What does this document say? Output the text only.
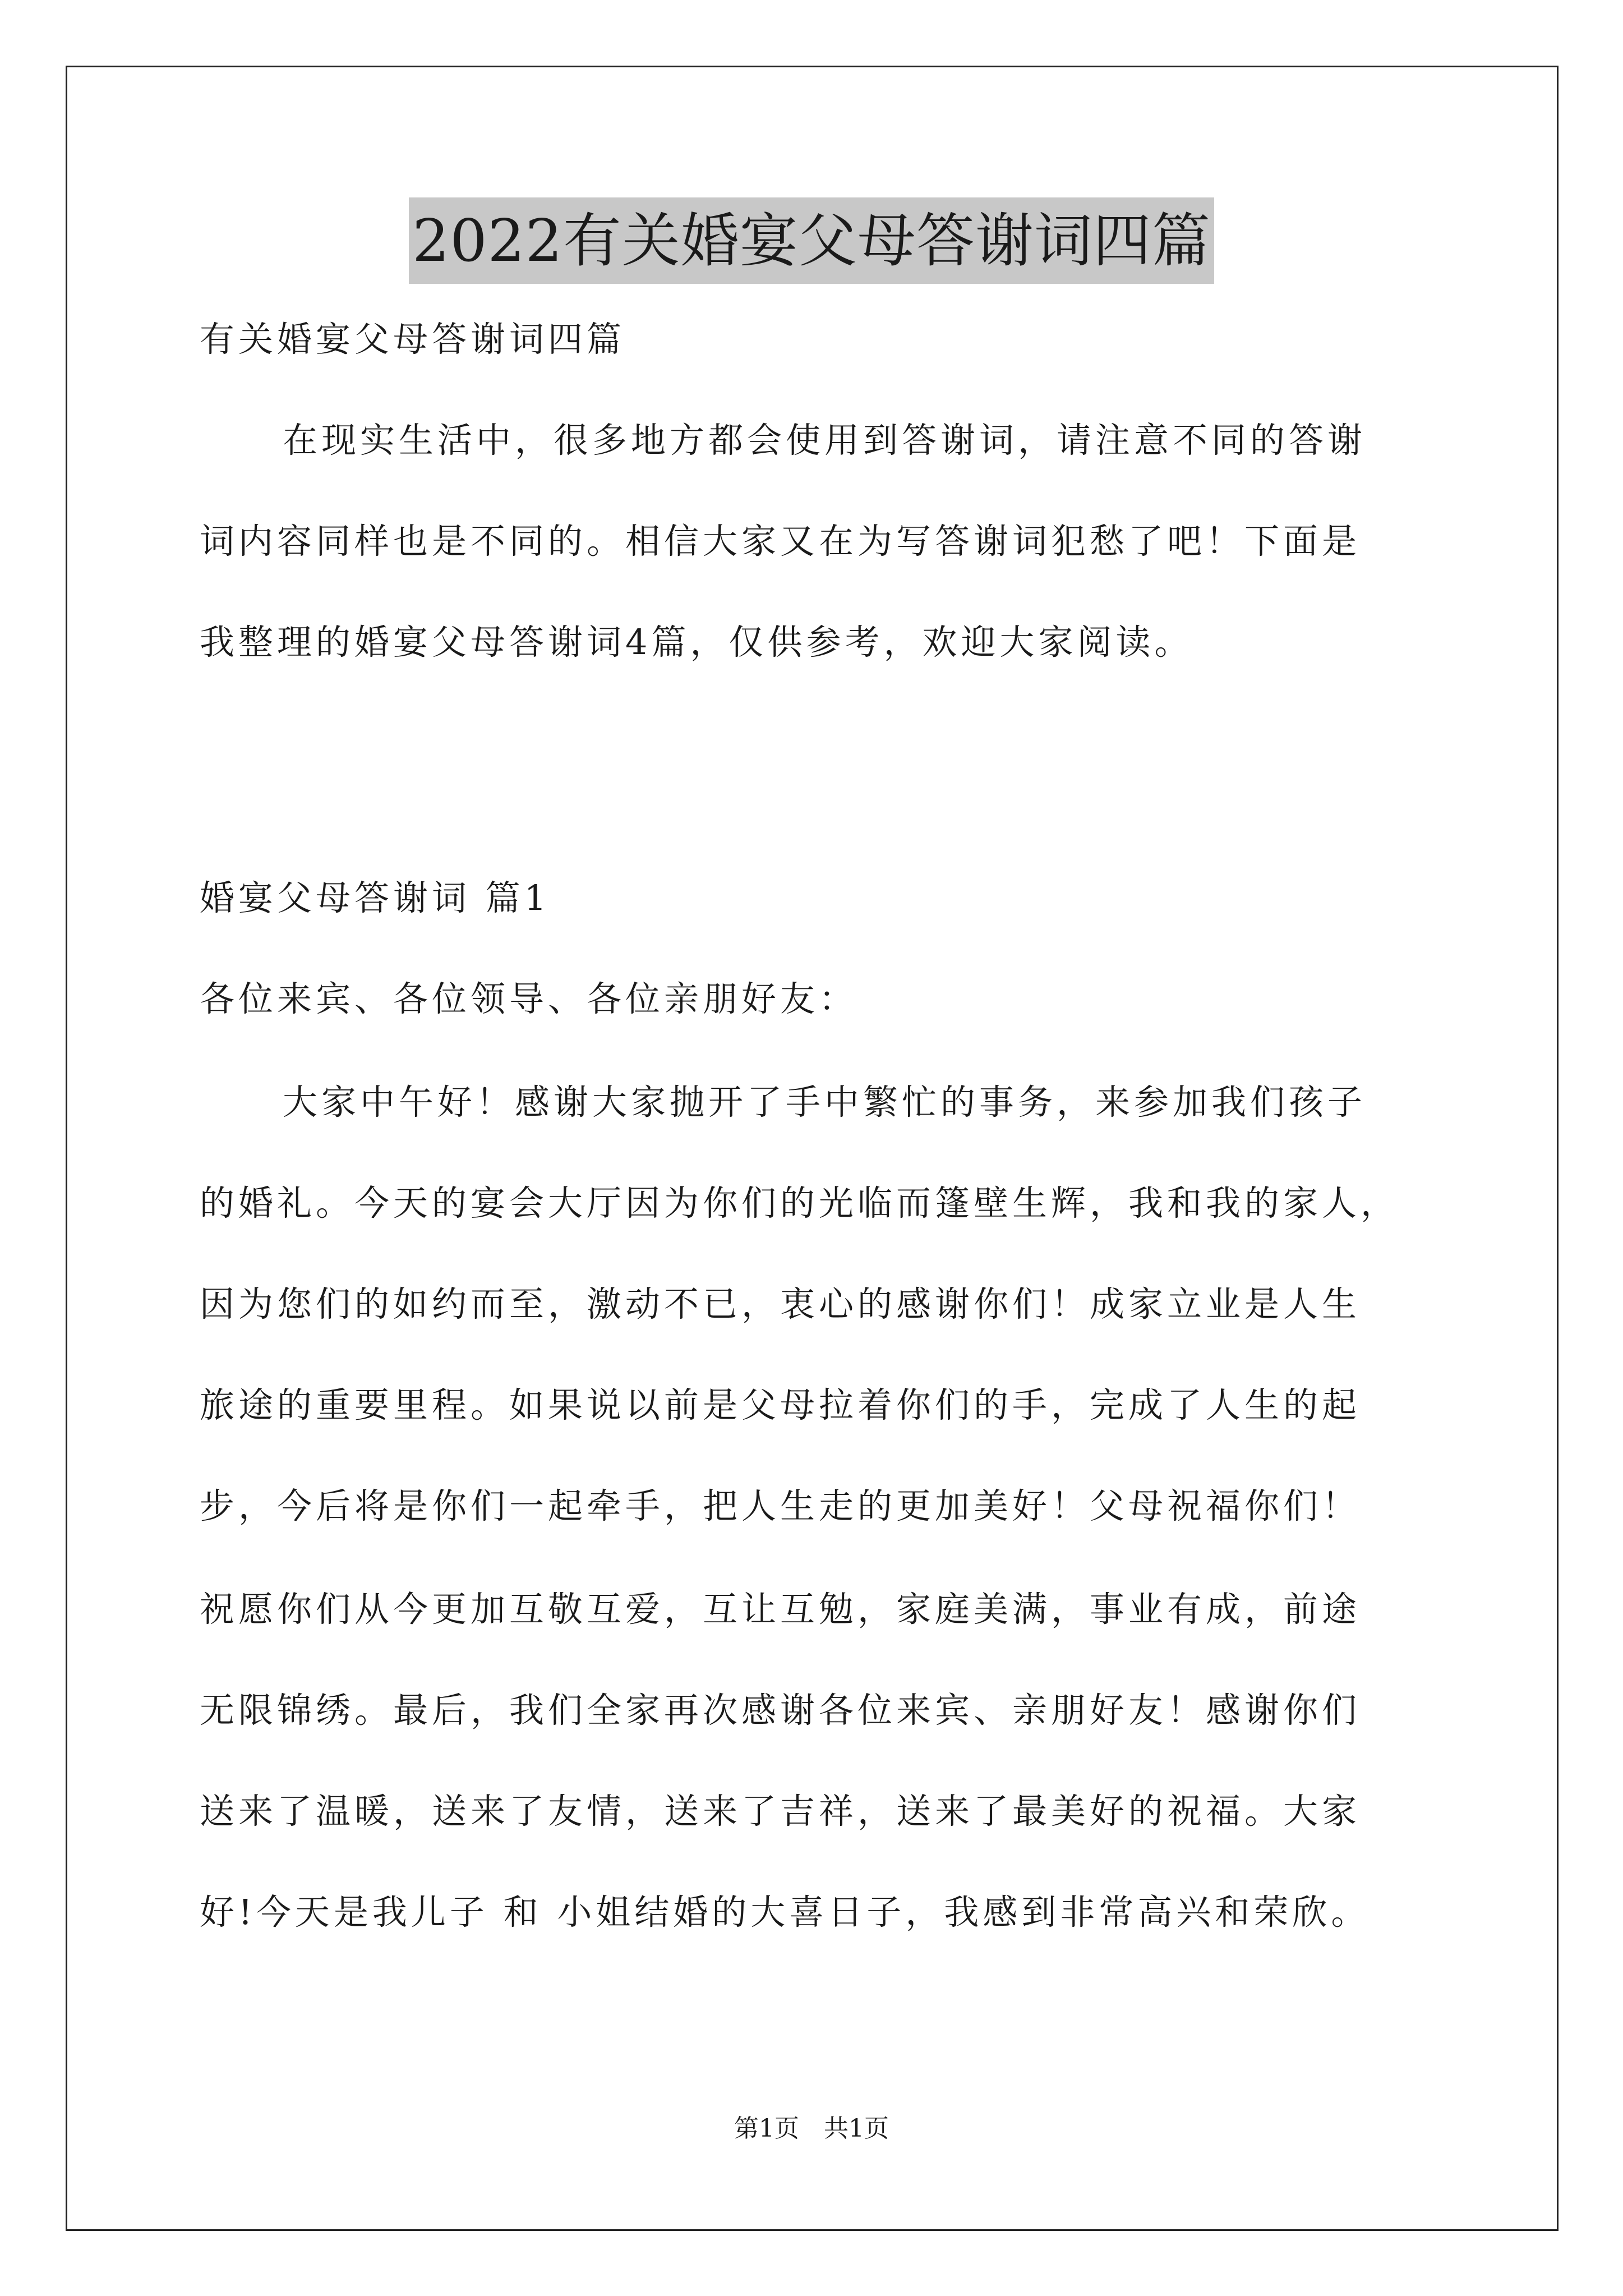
2022有关婚宴父母答谢词四篇
有关婚宴父母答谢词四篇
在现实生活中，很多地方都会使用到答谢词，请注意不同的答谢
词内容同样也是不同的。相信大家又在为写答谢词犯愁了吧！下面是
我整理的婚宴父母答谢词4篇，仅供参考，欢迎大家阅读。
婚宴父母答谢词 篇1
各位来宾、各位领导、各位亲朋好友：
大家中午好！感谢大家抛开了手中繁忙的事务，来参加我们孩子
的婚礼。今天的宴会大厅因为你们的光临而篷壁生辉，我和我的家人，
因为您们的如约而至，激动不已，衷心的感谢你们！成家立业是人生
旅途的重要里程。如果说以前是父母拉着你们的手，完成了人生的起
步，今后将是你们一起牵手，把人生走的更加美好！父母祝福你们！
祝愿你们从今更加互敬互爱，互让互勉，家庭美满，事业有成，前途
无限锦绣。最后，我们全家再次感谢各位来宾、亲朋好友！感谢你们
送来了温暖，送来了友情，送来了吉祥，送来了最美好的祝福。大家
好!今天是我儿子 和 小姐结婚的大喜日子，我感到非常高兴和荣欣。
第1页　共1页
